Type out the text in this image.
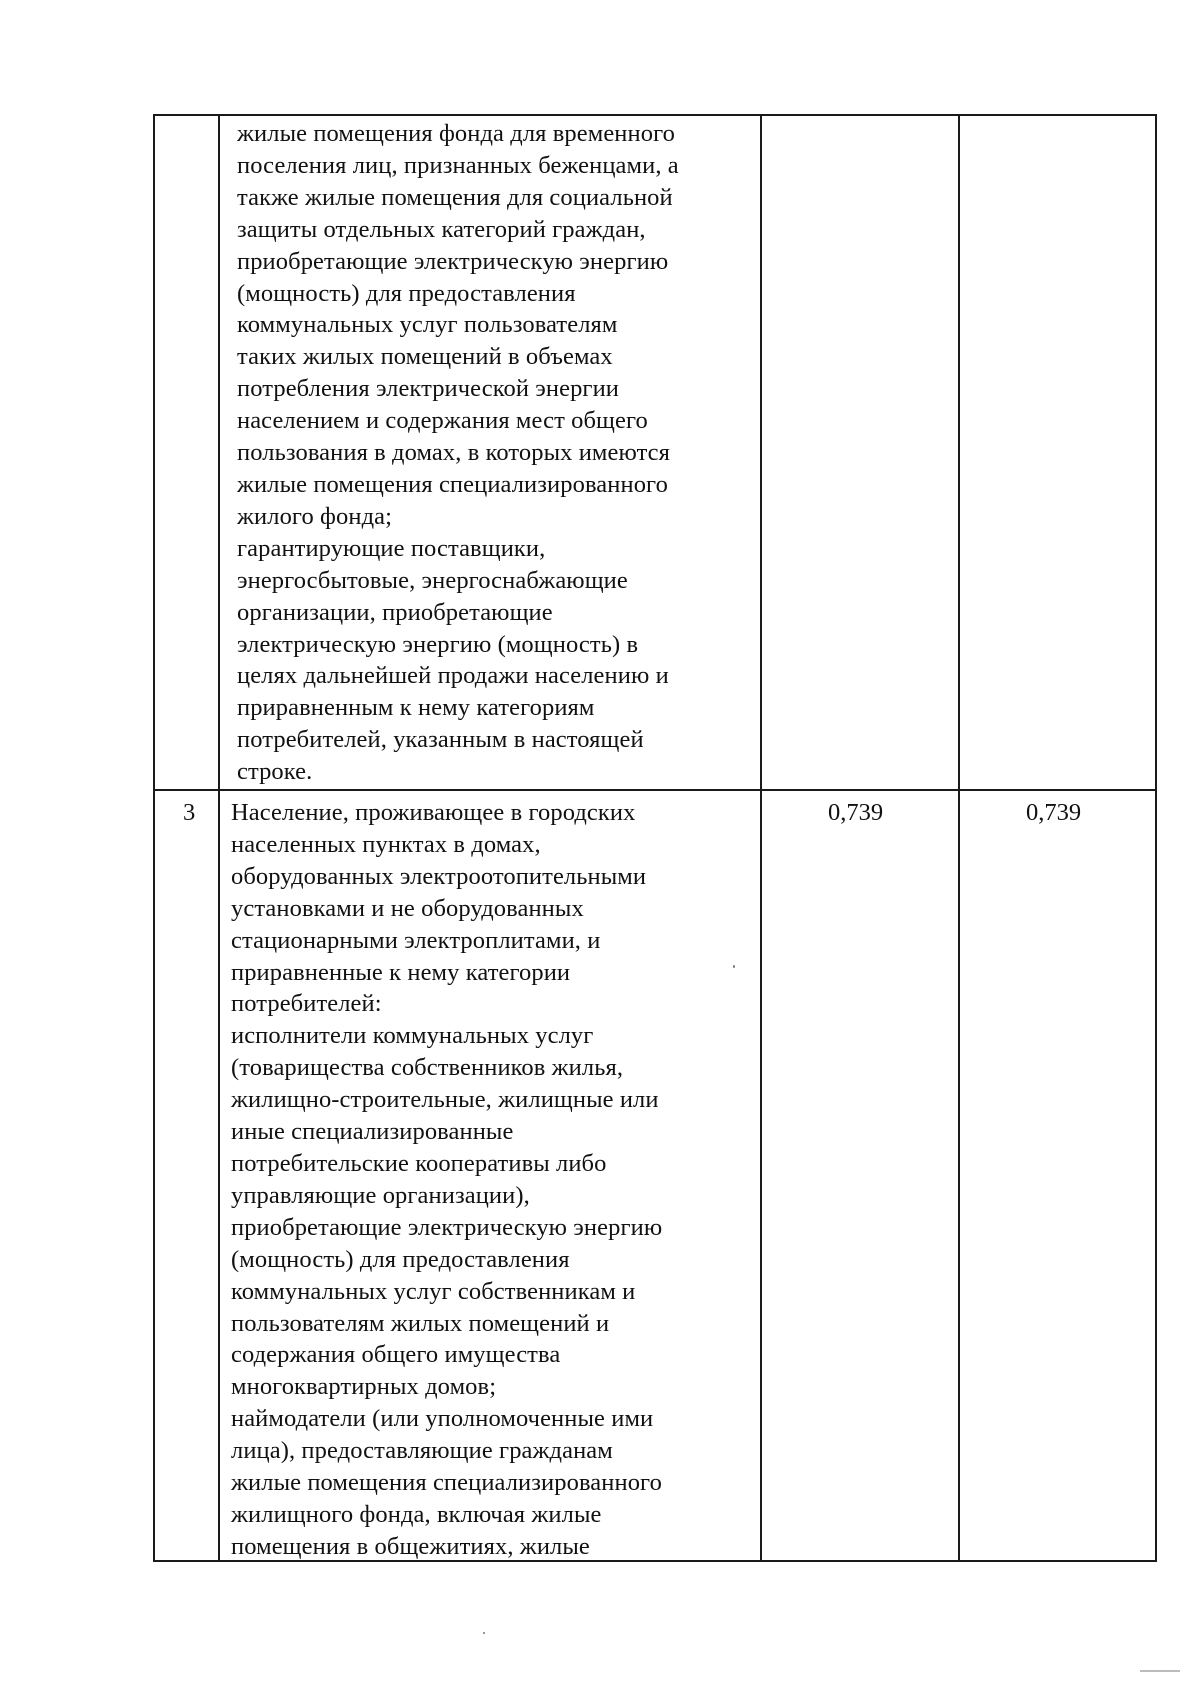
жилые помещения фонда для временного
поселения лиц, признанных беженцами, а
также жилые помещения для социальной
защиты отдельных категорий граждан,
приобретающие электрическую энергию
(мощность) для предоставления
коммунальных услуг пользователям
таких жилых помещений в объемах
потребления электрической энергии
населением и содержания мест общего
пользования в домах, в которых имеются
жилые помещения специализированного
жилого фонда;
гарантирующие поставщики,
энергосбытовые, энергоснабжающие
организации, приобретающие
электрическую энергию (мощность) в
целях дальнейшей продажи населению и
приравненным к нему категориям
потребителей, указанным в настоящей
строке.
3 Население, проживающее в городских
населенных пунктах в домах,
оборудованных электроотопительными
установками и не оборудованных
стационарными электроплитами, и
приравненные к нему категории
потребителей:
исполнители коммунальных услуг
(товарищества собственников жилья,
жилищно-строительные, жилищные или
иные специализированные
потребительские кооперативы либо
управляющие организации),
приобретающие электрическую энергию
(мощность) для предоставления
коммунальных услуг собственникам и
пользователям жилых помещений и
содержания общего имущества
многоквартирных домов;
наймодатели (или уполномоченные ими
лица), предоставляющие гражданам
жилые помещения специализированного
жилищного фонда, включая жилые
помещения в общежитиях, жилые
0,739	0,739
